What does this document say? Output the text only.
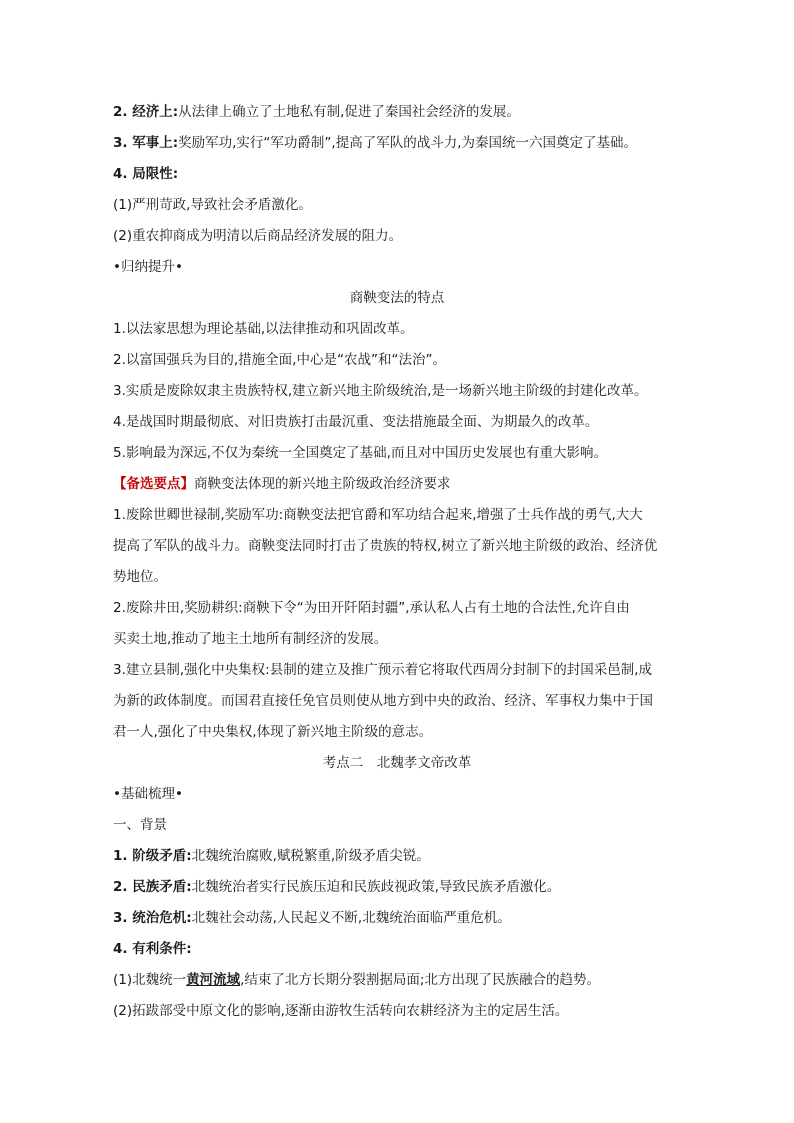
2. 经济上:从法律上确立了土地私有制,促进了秦国社会经济的发展。
3. 军事上:奖励军功,实行“军功爵制”,提高了军队的战斗力,为秦国统一六国奠定了基础。
4. 局限性:
(1)严刑苛政,导致社会矛盾激化。
(2)重农抑商成为明清以后商品经济发展的阻力。
•归纳提升•
商鞅变法的特点
1.以法家思想为理论基础,以法律推动和巩固改革。
2.以富国强兵为目的,措施全面,中心是“农战”和“法治”。
3.实质是废除奴隶主贵族特权,建立新兴地主阶级统治,是一场新兴地主阶级的封建化改革。
4.是战国时期最彻底、对旧贵族打击最沉重、变法措施最全面、为期最久的改革。
5.影响最为深远,不仅为秦统一全国奠定了基础,而且对中国历史发展也有重大影响。
【备选要点】商鞅变法体现的新兴地主阶级政治经济要求
1.废除世卿世禄制,奖励军功:商鞅变法把官爵和军功结合起来,增强了士兵作战的勇气,大大
提高了军队的战斗力。商鞅变法同时打击了贵族的特权,树立了新兴地主阶级的政治、经济优
势地位。
2.废除井田,奖励耕织:商鞅下令“为田开阡陌封疆”,承认私人占有土地的合法性,允许自由
买卖土地,推动了地主土地所有制经济的发展。
3.建立县制,强化中央集权:县制的建立及推广预示着它将取代西周分封制下的封国采邑制,成
为新的政体制度。而国君直接任免官员则使从地方到中央的政治、经济、军事权力集中于国
君一人,强化了中央集权,体现了新兴地主阶级的意志。
考点二　北魏孝文帝改革
•基础梳理•
一、背景
1. 阶级矛盾:北魏统治腐败,赋税繁重,阶级矛盾尖锐。
2. 民族矛盾:北魏统治者实行民族压迫和民族歧视政策,导致民族矛盾激化。
3. 统治危机:北魏社会动荡,人民起义不断,北魏统治面临严重危机。
4. 有利条件:
(1)北魏统一黄河流域,结束了北方长期分裂割据局面;北方出现了民族融合的趋势。
(2)拓跋部受中原文化的影响,逐渐由游牧生活转向农耕经济为主的定居生活。
